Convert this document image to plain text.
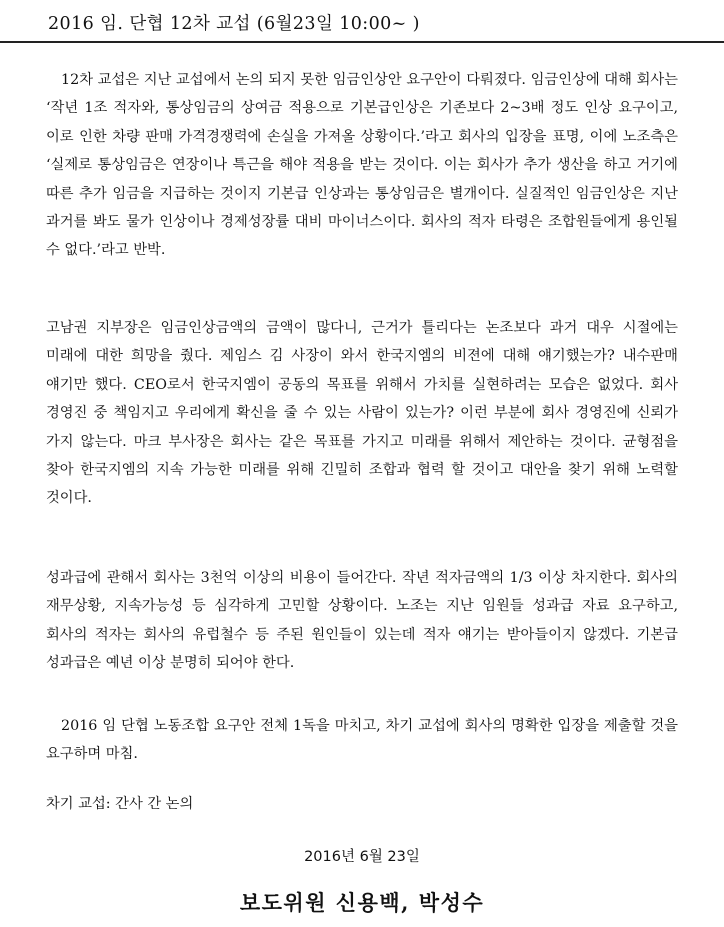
2016 임. 단협 12차 교섭 (6월23일 10:00~ )

12차 교섭은 지난 교섭에서 논의 되지 못한 임금인상안 요구안이 다뤄졌다. 임금인상에 대해 회사는 ‘작년 1조 적자와, 통상임금의 상여금 적용으로 기본급인상은 기존보다 2~3배 정도 인상 요구이고, 이로 인한 차량 판매 가격경쟁력에 손실을 가져올 상황이다.’라고 회사의 입장을 표명, 이에 노조측은 ‘실제로 통상임금은 연장이나 특근을 해야 적용을 받는 것이다. 이는 회사가 추가 생산을 하고 거기에 따른 추가 임금을 지급하는 것이지 기본급 인상과는 통상임금은 별개이다. 실질적인 임금인상은 지난 과거를 봐도 물가 인상이나 경제성장률 대비 마이너스이다. 회사의 적자 타령은 조합원들에게 용인될 수 없다.’라고 반박.

고남권 지부장은 임금인상금액의 금액이 많다니, 근거가 틀리다는 논조보다 과거 대우 시절에는 미래에 대한 희망을 줬다. 제임스 김 사장이 와서 한국지엠의 비젼에 대해 얘기했는가? 내수판매 얘기만 했다. CEO로서 한국지엠이 공동의 목표를 위해서 가치를 실현하려는 모습은 없었다. 회사 경영진 중 책임지고 우리에게 확신을 줄 수 있는 사람이 있는가? 이런 부분에 회사 경영진에 신뢰가 가지 않는다. 마크 부사장은 회사는 같은 목표를 가지고 미래를 위해서 제안하는 것이다. 균형점을 찾아 한국지엠의 지속 가능한 미래를 위해 긴밀히 조합과 협력 할 것이고 대안을 찾기 위해 노력할 것이다.

성과급에 관해서 회사는 3천억 이상의 비용이 들어간다. 작년 적자금액의 1/3 이상 차지한다. 회사의 재무상황, 지속가능성 등 심각하게 고민할 상황이다. 노조는 지난 임원들 성과급 자료 요구하고, 회사의 적자는 회사의 유럽철수 등 주된 원인들이 있는데 적자 얘기는 받아들이지 않겠다. 기본급 성과급은 예년 이상 분명히 되어야 한다.

2016 임 단협 노동조합 요구안 전체 1독을 마치고, 차기 교섭에 회사의 명확한 입장을 제출할 것을 요구하며 마침.

차기 교섭: 간사 간 논의

2016년 6월 23일
보도위원 신용백, 박성수
